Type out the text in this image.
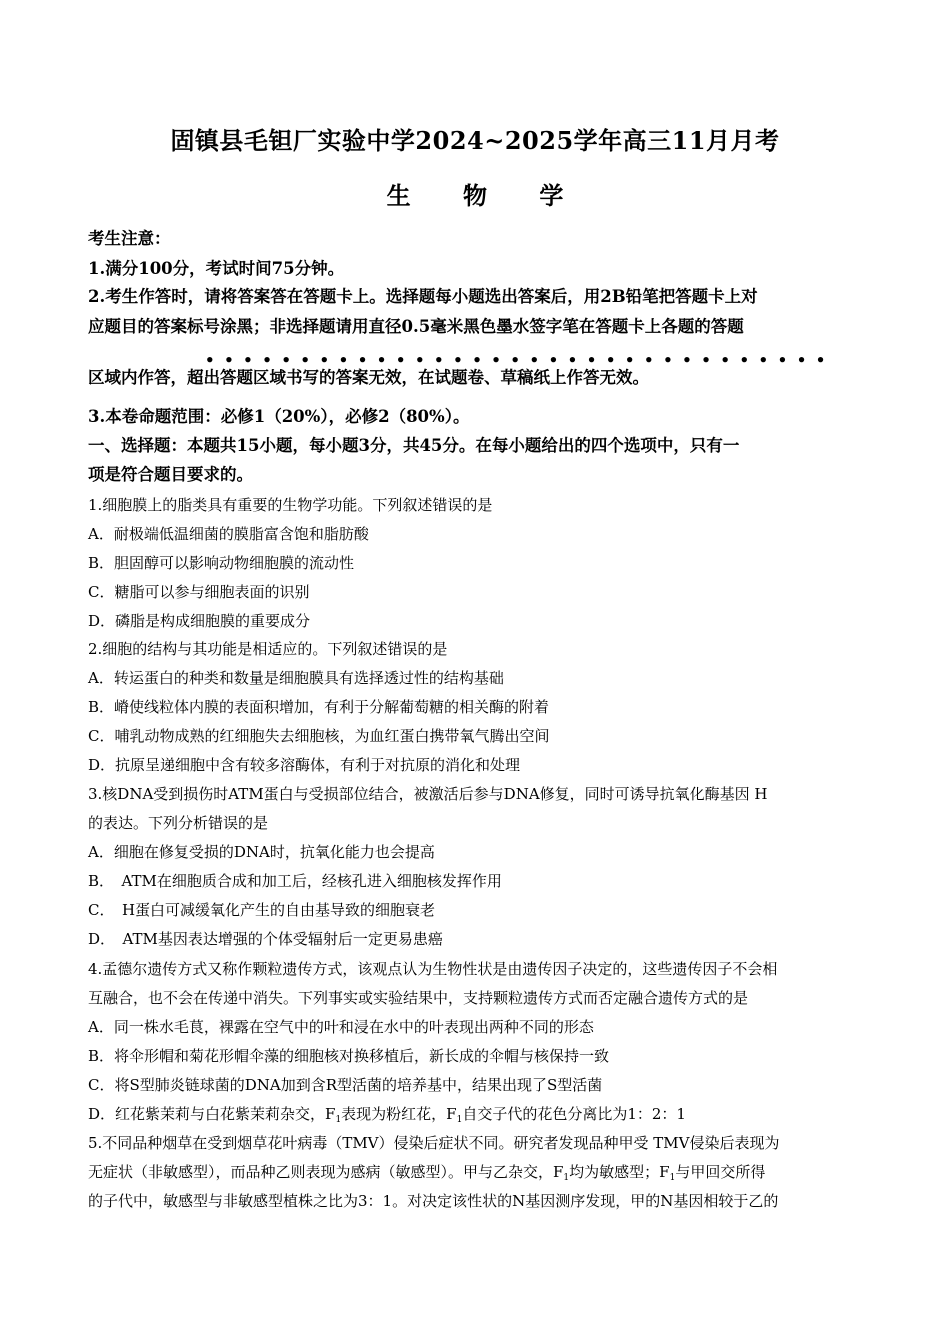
固镇县毛钽厂实验中学2024~2025学年高三11月月考
生 物 学
考生注意：
1.满分100分，考试时间75分钟。
2.考生作答时，请将答案答在答题卡上。选择题每小题选出答案后，用2B铅笔把答题卡上对
应题目的答案标号涂黑；非选择题请用直径0.5毫米黑色墨水签字笔在答题卡上各题的答题
•••••••••••••••••••••••••••••••••
区域内作答，超出答题区域书写的答案无效，在试题卷、草稿纸上作答无效。
3.本卷命题范围：必修1（20%），必修2（80%）。
一、选择题：本题共15小题，每小题3分，共45分。在每小题给出的四个选项中，只有一
项是符合题目要求的。
1.细胞膜上的脂类具有重要的生物学功能。下列叙述错误的是
A．耐极端低温细菌的膜脂富含饱和脂肪酸
B．胆固醇可以影响动物细胞膜的流动性
C．糖脂可以参与细胞表面的识别
D．磷脂是构成细胞膜的重要成分
2.细胞的结构与其功能是相适应的。下列叙述错误的是
A．转运蛋白的种类和数量是细胞膜具有选择透过性的结构基础
B．嵴使线粒体内膜的表面积增加，有利于分解葡萄糖的相关酶的附着
C．哺乳动物成熟的红细胞失去细胞核，为血红蛋白携带氧气腾出空间
D．抗原呈递细胞中含有较多溶酶体，有利于对抗原的消化和处理
3.核DNA受到损伤时ATM蛋白与受损部位结合，被激活后参与DNA修复，同时可诱导抗氧化酶基因 H
的表达。下列分析错误的是
A．细胞在修复受损的DNA时，抗氧化能力也会提高
B．　ATM在细胞质合成和加工后，经核孔进入细胞核发挥作用
C．　H蛋白可减缓氧化产生的自由基导致的细胞衰老
D．　ATM基因表达增强的个体受辐射后一定更易患癌
4.孟德尔遗传方式又称作颗粒遗传方式，该观点认为生物性状是由遗传因子决定的，这些遗传因子不会相
互融合，也不会在传递中消失。下列事实或实验结果中，支持颗粒遗传方式而否定融合遗传方式的是
A．同一株水毛茛，裸露在空气中的叶和浸在水中的叶表现出两种不同的形态
B．将伞形帽和菊花形帽伞藻的细胞核对换移植后，新长成的伞帽与核保持一致
C．将S型肺炎链球菌的DNA加到含R型活菌的培养基中，结果出现了S型活菌
D．红花紫茉莉与白花紫茉莉杂交，$F_1$表现为粉红花，$F_1$自交子代的花色分离比为1：2：1
5.不同品种烟草在受到烟草花叶病毒（TMV）侵染后症状不同。研究者发现品种甲受 TMV侵染后表现为
无症状（非敏感型），而品种乙则表现为感病（敏感型）。甲与乙杂交，$F_1$均为敏感型；$F_1$与甲回交所得
的子代中，敏感型与非敏感型植株之比为3：1。对决定该性状的N基因测序发现，甲的N基因相较于乙的
